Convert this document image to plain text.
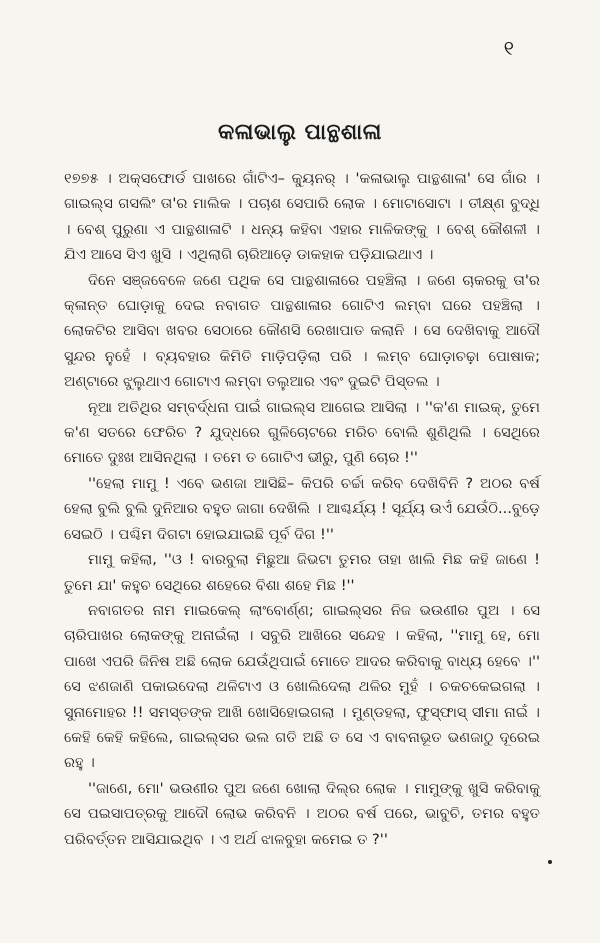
୧
କଳାଭାଲୁ ପାନ୍ଥଶାଳା

୧୭୭୫ । ଅକ୍ସଫୋର୍ଡ ପାଖରେ ଗାଁଟିଏ– କ୍ୟୁନର୍ । 'କଳାଭାଲୁ ପାନ୍ଥଶାଳା' ସେ ଗାଁର । ଗାଇଲ୍ସ ଗସଲିଂ ତା'ର ମାଲିକ । ପଚାଶ ସେପାରି ଲୋକ । ମୋଟାସୋଟା । ତୀକ୍ଷ୍ଣ ବୁଦ୍ଧି । ବେଶ୍ ପୁରୁଣା ଏ ପାନ୍ଥଶାଳାଟି । ଧନ୍ୟ କହିବା ଏହାର ମାଳିକଙ୍କୁ । ବେଶ୍ କୌଶଳୀ । ଯିଏ ଆସେ ସିଏ ଖୁସି । ଏଥିଲାଗି ଚାରିଆଡ଼େ ଡାକହାକ ପଡ଼ିଯାଇଥାଏ ।

ଦିନେ ସଞ୍ଜବେଳେ ଜଣେ ପଥିକ ସେ ପାନ୍ଥଶାଳାରେ ପହଞ୍ଚିଲା । ଜଣେ ଚାକରକୁ ତା'ର କ୍ଳାନ୍ତ ଘୋଡ଼ାକୁ ଦେଇ ନବାଗତ ପାନ୍ଥଶାଳାର ଗୋଟିଏ ଲମ୍ବା ଘରେ ପହଞ୍ଚିଲା । ଲୋକଟିର ଆସିବା ଖବର ସେଠାରେ କୌଣସି ରେଖାପାତ କଲାନି । ସେ ଦେଖିବାକୁ ଆଦୌ ସୁନ୍ଦର ନୁହେଁ । ବ୍ୟବହାର କିମିତି ମାଡ଼ିପଡ଼ିଲା ପରି । ଲମ୍ବ ଘୋଡ଼ାଚଢ଼ା ପୋଷାକ; ଅଣ୍ଟାରେ ଝୁଲୁଥାଏ ଗୋଟାଏ ଲମ୍ବା ତଲୁଆର ଏବଂ ଦୁଇଟି ପିସ୍ତଲ ।

ନୂଆ ଅତିଥିର ସମ୍ବର୍ଦ୍ଧନା ପାଇଁ ଗାଇଲ୍ସ ଆଗେଇ ଆସିଲା । ''କ'ଣ ମାଇକ୍, ତୁମେ କ'ଣ ସତରେ ଫେରିଚ ? ଯୁଦ୍ଧରେ ଗୁଳିଚୋଟରେ ମରିଚ ବୋଲି ଶୁଣିଥିଲି । ସେଥିରେ ମୋତେ ଦୁଃଖ ଆସିନଥିଲା । ତମେ ତ ଗୋଟିଏ ଭୀରୁ, ପୁଣି ଚୋର !''

''ହେଲା ମାମୁ ! ଏବେ ଭଣଜା ଆସିଛି– କିପରି ଚର୍ଚ୍ଚା କରିବ ଦେଖିବିନି ? ଅଠର ବର୍ଷ ହେଲା ବୁଲି ବୁଲି ଦୁନିଆର ବହୁତ ଜାଗା ଦେଖିଲି । ଆଶ୍ଚର୍ଯ୍ୟ ! ସୂର୍ଯ୍ୟ ଉଏଁ ଯେଉଁଠି...ବୁଡ଼େ ସେଇଠି । ପଶ୍ଚିମ ଦିଗଟା ହୋଇଯାଇଛି ପୂର୍ବ ଦିଗ !''

ମାମୁ କହିଲା, ''ଓ ! ବାରବୁଲା ମିଛୁଆ ଜିଭଟା ତୁମର ତାହା ଖାଲି ମିଛ କହି ଜାଣେ ! ତୁମେ ଯା' କହୁଚ ସେଥିରେ ଶହେରେ ବିଶା ଶହେ ମିଛ !''

ନବାଗତର ନାମ ମାଇକେଲ୍ ଲାଂବୋର୍ଣ୍ଣ; ଗାଇଲ୍ସର ନିଜ ଭଉଣୀର ପୁଅ । ସେ ଚାରିପାଖର ଲୋକଙ୍କୁ ଅନାଇଁଲା । ସବୁରି ଆଖିରେ ସନ୍ଦେହ । କହିଲା, ''ମାମୁ ହେ, ମୋ ପାଖେ ଏପରି ଜିନିଷ ଅଛି ଲୋକ ଯେଉଁଥିପାଇଁ ମୋତେ ଆଦର କରିବାକୁ ବାଧ୍ୟ ହେବେ ।'' ସେ ଝଣଜାଣି ପକାଇଦେଲା ଥଳିଟାଏ ଓ ଖୋଲିଦେଲା ଥଳିର ମୁହଁ । ଚକଚକେଇଗଲା । ସୁନାମୋହର !! ସମସ୍ତଙ୍କ ଆଖି ଖୋସିହୋଇଗଲା । ମୁଣ୍ଡହଲା, ଫୁସ୍‌ଫାସ୍ ସୀମା ନାଇଁ । କେହି କେହି କହିଲେ, ଗାଇଲ୍ସର ଭଲ ଗତି ଅଛି ତ ସେ ଏ ବାବନାଭୂତ ଭଣଜାଠୁ ଦୂରେଇ ରହୁ ।

''ଜାଣେ, ମୋ' ଭଉଣୀର ପୁଅ ଜଣେ ଖୋଲା ଦିଲ୍‌ର ଲୋକ । ମାମୁଙ୍କୁ ଖୁସି କରିବାକୁ ସେ ପଇସାପତ୍ରକୁ ଆଦୌ ଲୋଭ କରିବନି । ଅଠର ବର୍ଷ ପରେ, ଭାବୁଚି, ତମର ବହୁତ ପରିବର୍ତ୍ତନ ଆସିଯାଇଥିବ । ଏ ଅର୍ଥ ଝାଳବୁହା କମେଇ ତ ?''
